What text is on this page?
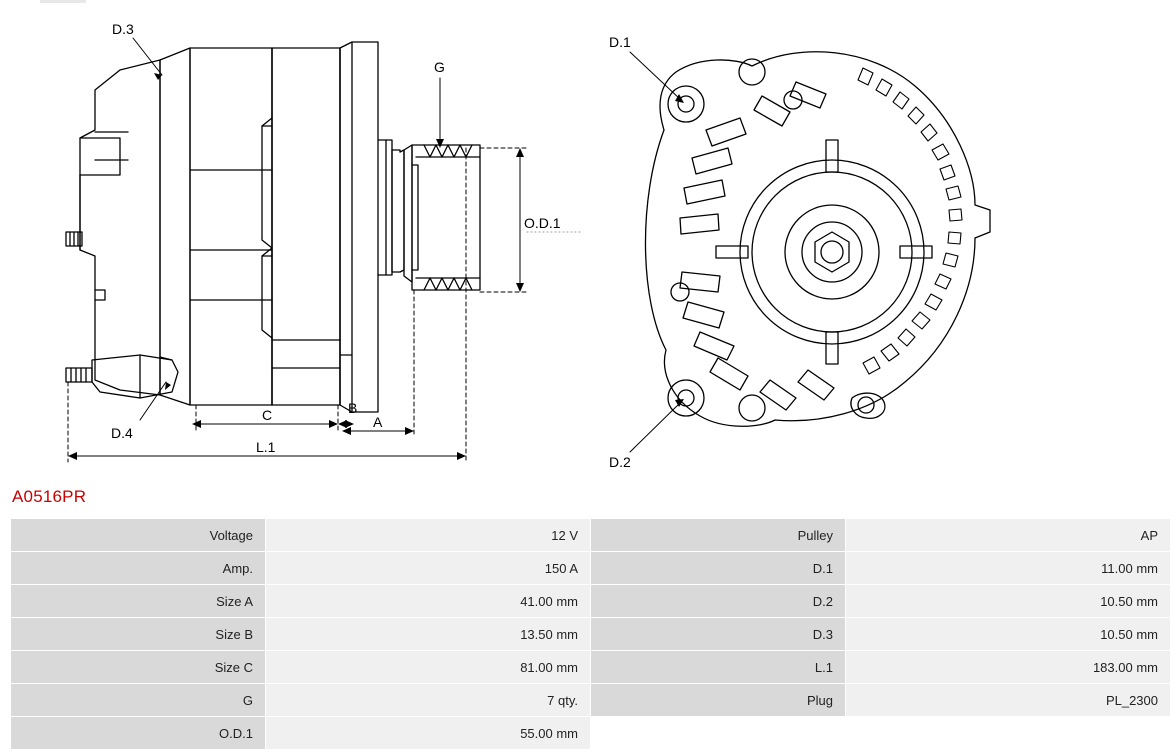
D.3
D.4
G
O.D.1
C	B
A
L.1
D.1
D.2
A0516PR
Voltage	12 V	Pulley	AP
Amp.	150 A	D.1	11.00 mm
Size A	41.00 mm	D.2	10.50 mm
Size B	13.50 mm	D.3	10.50 mm
Size C	81.00 mm	L.1	183.00 mm
G	7 qty.	Plug	PL_2300
O.D.1	55.00 mm		
